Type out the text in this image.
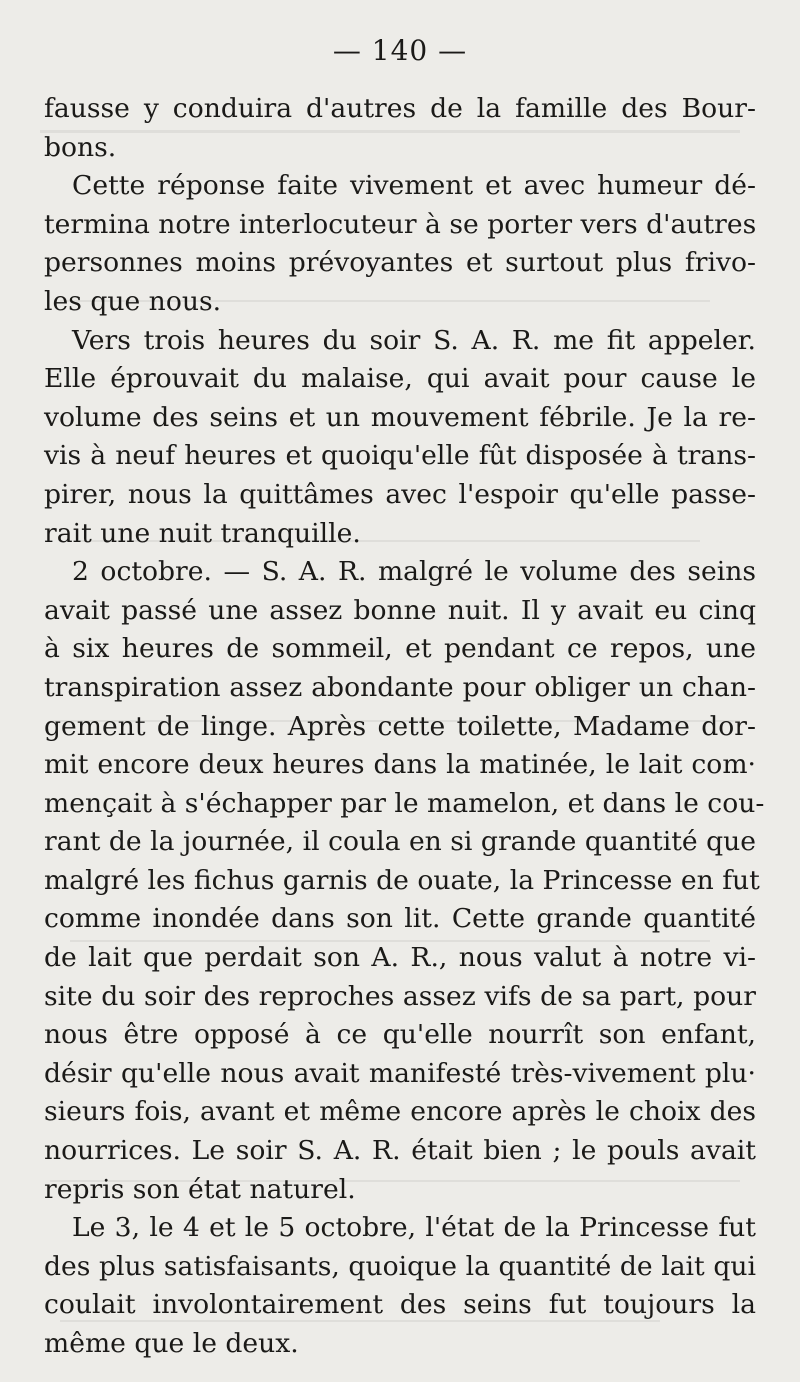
— 140 —
fausse y conduira d'autres de la famille des Bour-
bons.
Cette réponse faite vivement et avec humeur dé-
termina notre interlocuteur à se porter vers d'autres
personnes moins prévoyantes et surtout plus frivo-
les que nous.
Vers trois heures du soir S. A. R. me fit appeler.
Elle éprouvait du malaise, qui avait pour cause le
volume des seins et un mouvement fébrile. Je la re-
vis à neuf heures et quoiqu'elle fût disposée à trans-
pirer, nous la quittâmes avec l'espoir qu'elle passe-
rait une nuit tranquille.
2 octobre. — S. A. R. malgré le volume des seins
avait passé une assez bonne nuit. Il y avait eu cinq
à six heures de sommeil, et pendant ce repos, une
transpiration assez abondante pour obliger un chan-
gement de linge. Après cette toilette, Madame dor-
mit encore deux heures dans la matinée, le lait com·
mençait à s'échapper par le mamelon, et dans le cou-
rant de la journée, il coula en si grande quantité que
malgré les fichus garnis de ouate, la Princesse en fut
comme inondée dans son lit. Cette grande quantité
de lait que perdait son A. R., nous valut à notre vi-
site du soir des reproches assez vifs de sa part, pour
nous être opposé à ce qu'elle nourrît son enfant,
désir qu'elle nous avait manifesté très-vivement plu·
sieurs fois, avant et même encore après le choix des
nourrices. Le soir S. A. R. était bien ; le pouls avait
repris son état naturel.
Le 3, le 4 et le 5 octobre, l'état de la Princesse fut
des plus satisfaisants, quoique la quantité de lait qui
coulait involontairement des seins fut toujours la
même que le deux.
